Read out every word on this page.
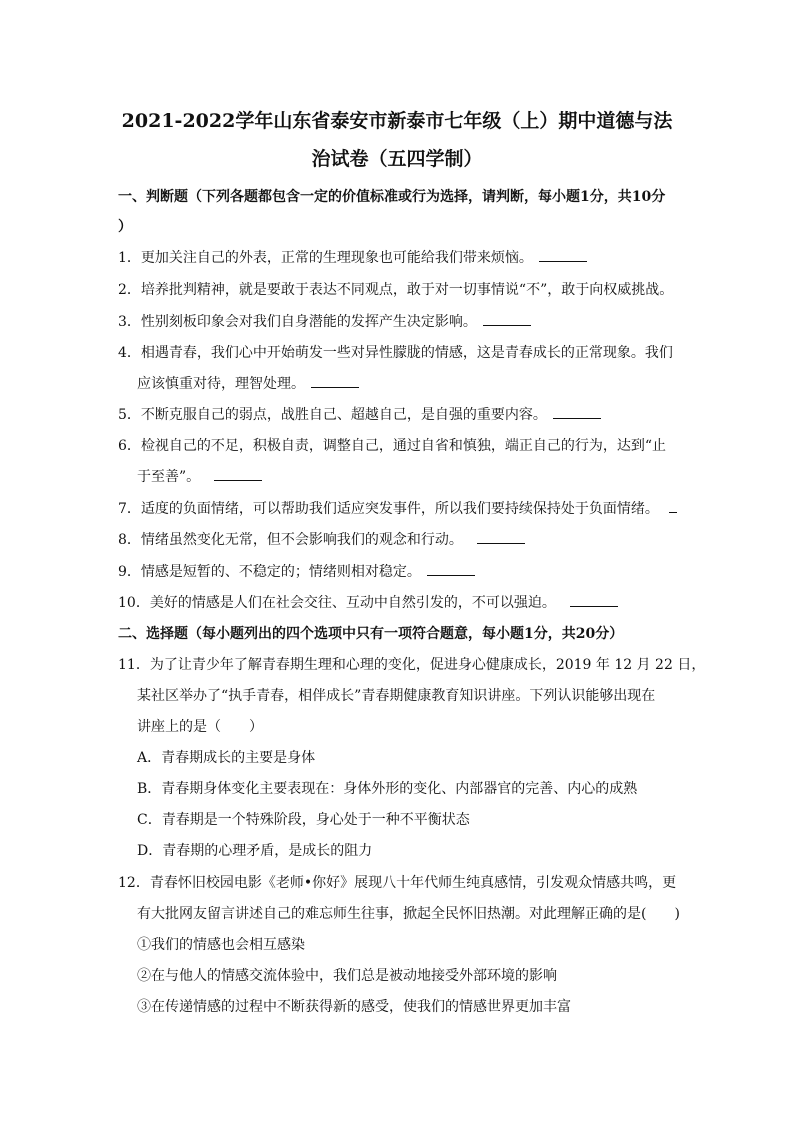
2021-2022学年山东省泰安市新泰市七年级（上）期中道德与法
治试卷（五四学制）
一、判断题（下列各题都包含一定的价值标准或行为选择，请判断，每小题1分，共10分
）
1．更加关注自己的外表，正常的生理现象也可能给我们带来烦恼。
2．培养批判精神，就是要敢于表达不同观点，敢于对一切事情说“不”，敢于向权威挑战。
3．性别刻板印象会对我们自身潜能的发挥产生决定影响。
4．相遇青春，我们心中开始萌发一些对异性朦胧的情感，这是青春成长的正常现象。我们
应该慎重对待，理智处理。
5．不断克服自己的弱点，战胜自己、超越自己，是自强的重要内容。
6．检视自己的不足，积极自责，调整自己，通过自省和慎独，端正自己的行为，达到“止
于至善”。
7．适度的负面情绪，可以帮助我们适应突发事件，所以我们要持续保持处于负面情绪。
8．情绪虽然变化无常，但不会影响我们的观念和行动。
9．情感是短暂的、不稳定的；情绪则相对稳定。
10．美好的情感是人们在社会交往、互动中自然引发的，不可以强迫。
二、选择题（每小题列出的四个选项中只有一项符合题意，每小题1分，共20分）
11．为了让青少年了解青春期生理和心理的变化，促进身心健康成长，2019 年 12 月 22 日，
某社区举办了“执手青春，相伴成长”青春期健康教育知识讲座。下列认识能够出现在
讲座上的是（　　）
A．青春期成长的主要是身体
B．青春期身体变化主要表现在：身体外形的变化、内部器官的完善、内心的成熟
C．青春期是一个特殊阶段，身心处于一种不平衡状态
D．青春期的心理矛盾，是成长的阻力
12．青春怀旧校园电影《老师•你好》展现八十年代师生纯真感情，引发观众情感共鸣，更
有大批网友留言讲述自己的难忘师生往事，掀起全民怀旧热潮。对此理解正确的是(　　)
①我们的情感也会相互感染
②在与他人的情感交流体验中，我们总是被动地接受外部环境的影响
③在传递情感的过程中不断获得新的感受，使我们的情感世界更加丰富
